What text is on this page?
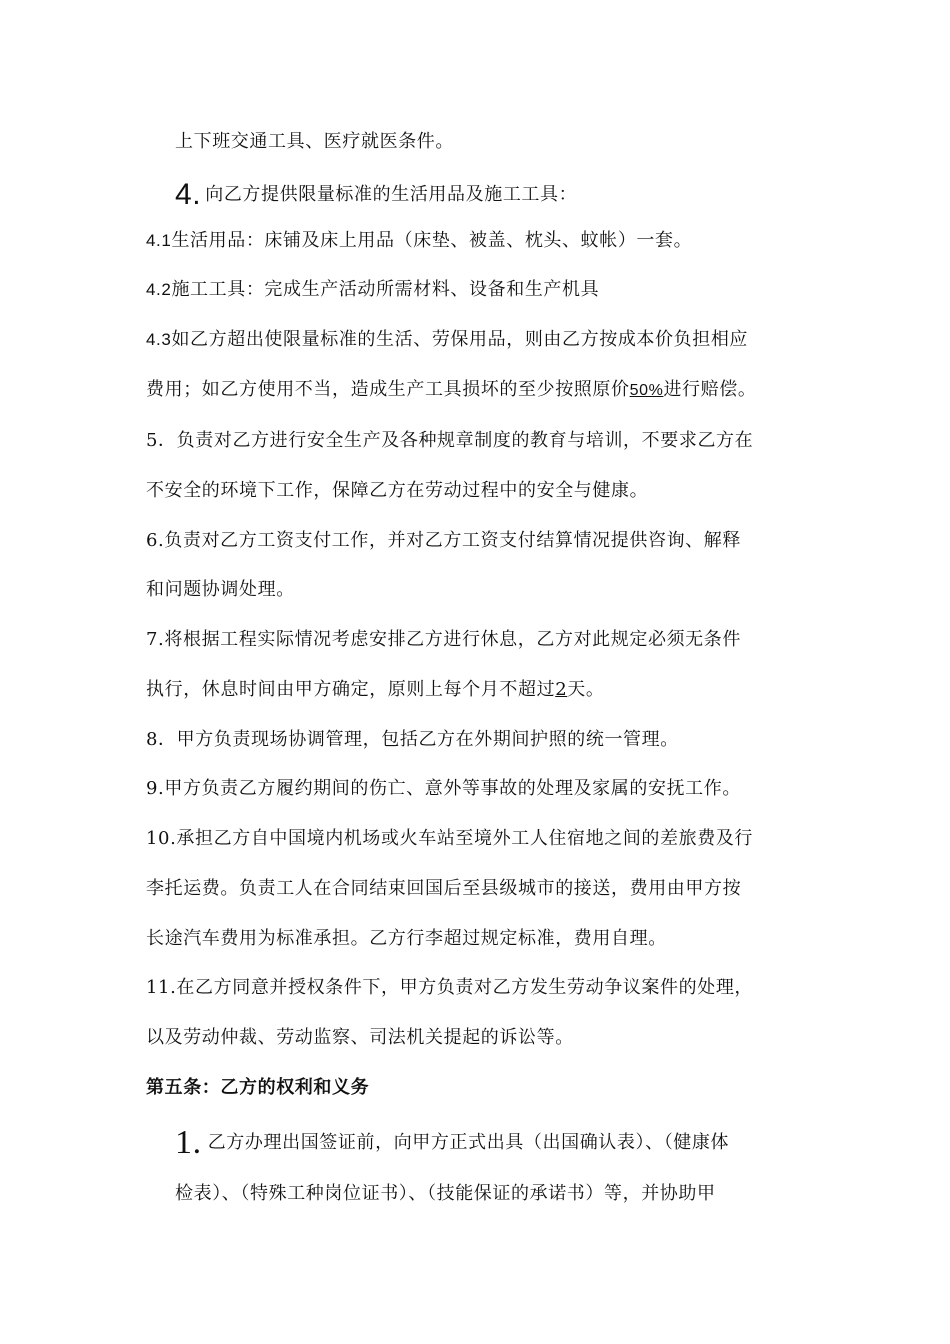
上下班交通工具、医疗就医条件。
4. 向乙方提供限量标准的生活用品及施工工具：
4.1生活用品：床铺及床上用品（床垫、被盖、枕头、蚊帐）一套。
4.2施工工具：完成生产活动所需材料、设备和生产机具
4.3如乙方超出使限量标准的生活、劳保用品，则由乙方按成本价负担相应
费用；如乙方使用不当，造成生产工具损坏的至少按照原价50%进行赔偿。
5．负责对乙方进行安全生产及各种规章制度的教育与培训，不要求乙方在
不安全的环境下工作，保障乙方在劳动过程中的安全与健康。
6.负责对乙方工资支付工作，并对乙方工资支付结算情况提供咨询、解释
和问题协调处理。
7.将根据工程实际情况考虑安排乙方进行休息，乙方对此规定必须无条件
执行，休息时间由甲方确定，原则上每个月不超过2天。
8．甲方负责现场协调管理，包括乙方在外期间护照的统一管理。
9.甲方负责乙方履约期间的伤亡、意外等事故的处理及家属的安抚工作。
10.承担乙方自中国境内机场或火车站至境外工人住宿地之间的差旅费及行
李托运费。负责工人在合同结束回国后至县级城市的接送，费用由甲方按
长途汽车费用为标准承担。乙方行李超过规定标准，费用自理。
11.在乙方同意并授权条件下，甲方负责对乙方发生劳动争议案件的处理，
以及劳动仲裁、劳动监察、司法机关提起的诉讼等。
第五条：乙方的权利和义务
1. 乙方办理出国签证前，向甲方正式出具（出国确认表）、（健康体
检表）、（特殊工种岗位证书）、（技能保证的承诺书）等，并协助甲
